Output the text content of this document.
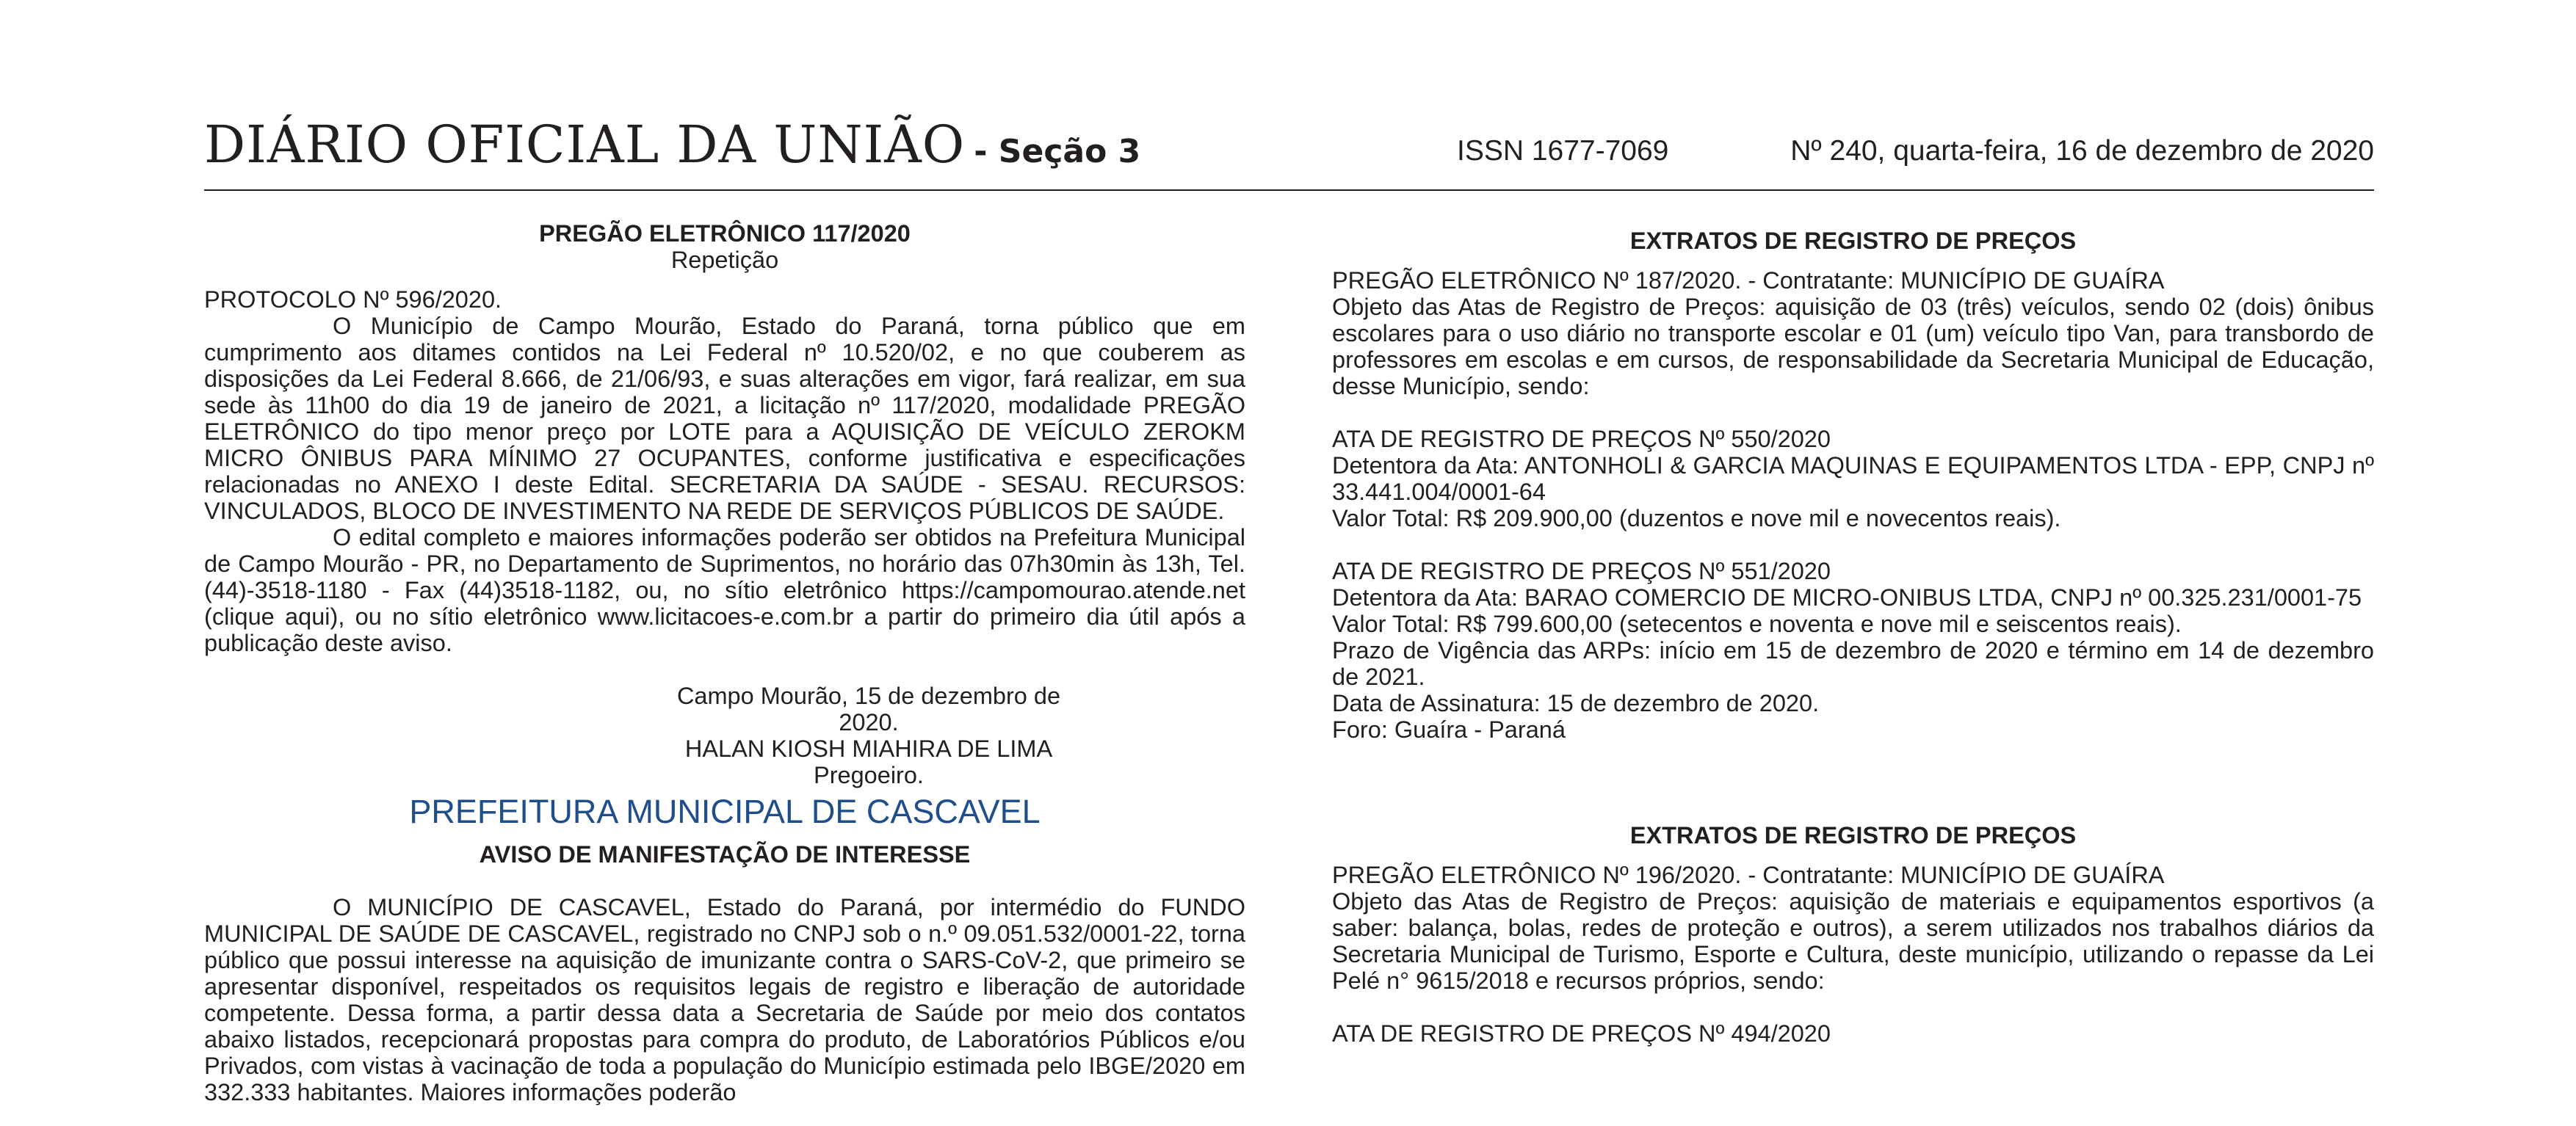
DIÁRIO OFICIAL DA UNIÃO - Seção 3	ISSN 1677-7069	Nº 240, quarta-feira, 16 de dezembro de 2020

PREGÃO ELETRÔNICO 117/2020

Repetição

PROTOCOLO Nº 596/2020.

O Município de Campo Mourão, Estado do Paraná, torna público que em cumprimento aos ditames contidos na Lei Federal nº 10.520/02, e no que couberem as disposições da Lei Federal 8.666, de 21/06/93, e suas alterações em vigor, fará realizar, em sua sede às 11h00 do dia 19 de janeiro de 2021, a licitação nº 117/2020, modalidade PREGÃO ELETRÔNICO do tipo menor preço por LOTE para a AQUISIÇÃO DE VEÍCULO ZEROKM MICRO ÔNIBUS PARA MÍNIMO 27 OCUPANTES, conforme justificativa e especificações relacionadas no ANEXO I deste Edital. SECRETARIA DA SAÚDE - SESAU. RECURSOS: VINCULADOS, BLOCO DE INVESTIMENTO NA REDE DE SERVIÇOS PÚBLICOS DE SAÚDE.

O edital completo e maiores informações poderão ser obtidos na Prefeitura Municipal de Campo Mourão - PR, no Departamento de Suprimentos, no horário das 07h30min às 13h, Tel. (44)-3518-1180 - Fax (44)3518-1182, ou, no sítio eletrônico https://campomourao.atende.net (clique aqui), ou no sítio eletrônico www.licitacoes-e.com.br a partir do primeiro dia útil após a publicação deste aviso.

Campo Mourão, 15 de dezembro de 2020.

HALAN KIOSH MIAHIRA DE LIMA

Pregoeiro.

PREFEITURA MUNICIPAL DE CASCAVEL

AVISO DE MANIFESTAÇÃO DE INTERESSE

O MUNICÍPIO DE CASCAVEL, Estado do Paraná, por intermédio do FUNDO MUNICIPAL DE SAÚDE DE CASCAVEL, registrado no CNPJ sob o n.º 09.051.532/0001-22, torna público que possui interesse na aquisição de imunizante contra o SARS-CoV-2, que primeiro se apresentar disponível, respeitados os requisitos legais de registro e liberação de autoridade competente. Dessa forma, a partir dessa data a Secretaria de Saúde por meio dos contatos abaixo listados, recepcionará propostas para compra do produto, de Laboratórios Públicos e/ou Privados, com vistas à vacinação de toda a população do Município estimada pelo IBGE/2020 em 332.333 habitantes. Maiores informações poderão

EXTRATOS DE REGISTRO DE PREÇOS

PREGÃO ELETRÔNICO Nº 187/2020. - Contratante: MUNICÍPIO DE GUAÍRA

Objeto das Atas de Registro de Preços: aquisição de 03 (três) veículos, sendo 02 (dois) ônibus escolares para o uso diário no transporte escolar e 01 (um) veículo tipo Van, para transbordo de professores em escolas e em cursos, de responsabilidade da Secretaria Municipal de Educação, desse Município, sendo:

ATA DE REGISTRO DE PREÇOS Nº 550/2020

Detentora da Ata: ANTONHOLI & GARCIA MAQUINAS E EQUIPAMENTOS LTDA - EPP, CNPJ nº 33.441.004/0001-64

Valor Total: R$ 209.900,00 (duzentos e nove mil e novecentos reais).

ATA DE REGISTRO DE PREÇOS Nº 551/2020

Detentora da Ata: BARAO COMERCIO DE MICRO-ONIBUS LTDA, CNPJ nº 00.325.231/0001-75

Valor Total: R$ 799.600,00 (setecentos e noventa e nove mil e seiscentos reais).

Prazo de Vigência das ARPs: início em 15 de dezembro de 2020 e término em 14 de dezembro de 2021.

Data de Assinatura: 15 de dezembro de 2020.

Foro: Guaíra - Paraná

EXTRATOS DE REGISTRO DE PREÇOS

PREGÃO ELETRÔNICO Nº 196/2020. - Contratante: MUNICÍPIO DE GUAÍRA

Objeto das Atas de Registro de Preços: aquisição de materiais e equipamentos esportivos (a saber: balança, bolas, redes de proteção e outros), a serem utilizados nos trabalhos diários da Secretaria Municipal de Turismo, Esporte e Cultura, deste município, utilizando o repasse da Lei Pelé n° 9615/2018 e recursos próprios, sendo:

ATA DE REGISTRO DE PREÇOS Nº 494/2020
